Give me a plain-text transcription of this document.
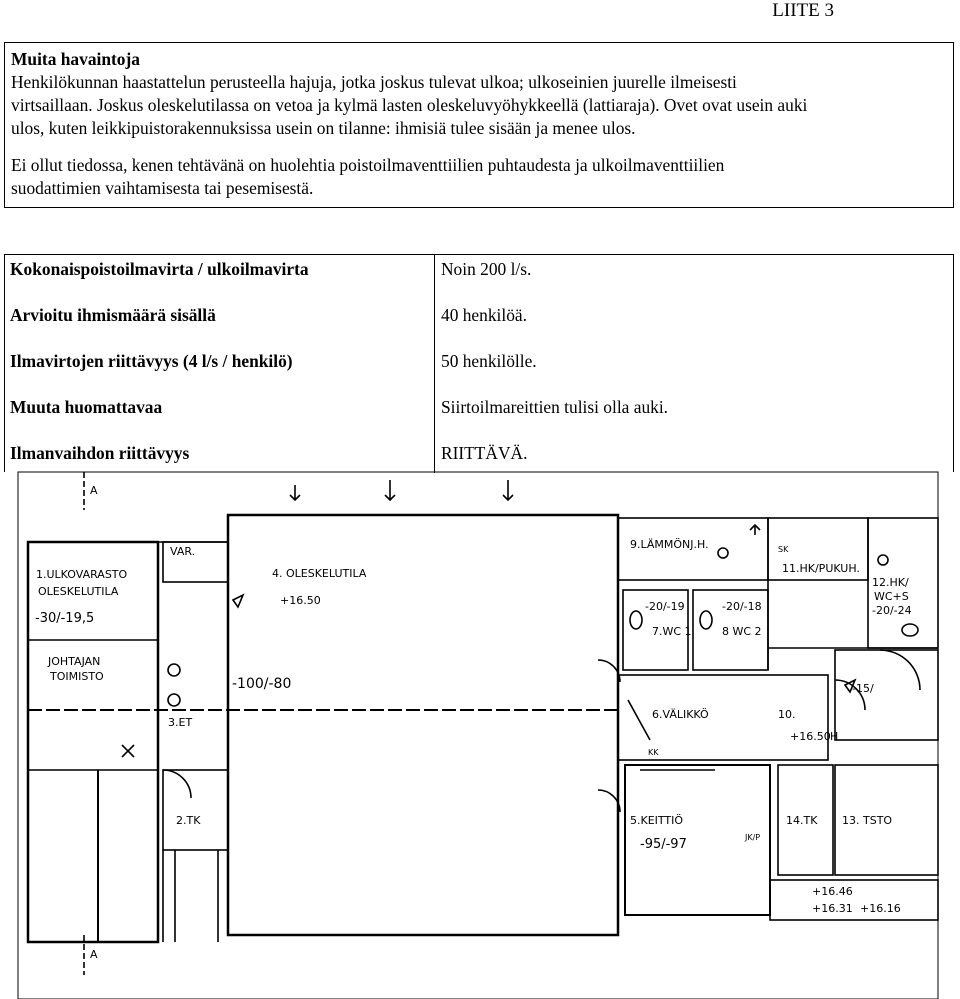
LIITE 3
Muita havaintoja
Henkilökunnan haastattelun perusteella hajuja, jotka joskus tulevat ulkoa; ulkoseinien juurelle ilmeisesti
virtsaillaan. Joskus oleskelutilassa on vetoa ja kylmä lasten oleskeluvyöhykkeellä (lattiaraja). Ovet ovat usein auki
ulos, kuten leikkipuistorakennuksissa usein on tilanne: ihmisiä tulee sisään ja menee ulos.
Ei ollut tiedossa, kenen tehtävänä on huolehtia poistoilmaventtiilien puhtaudesta ja ulkoilmaventtiilien
suodattimien vaihtamisesta tai pesemisestä.
Kokonaispoistoilmavirta / ulkoilmavirta	Noin 200 l/s.
Arvioitu ihmismäärä sisällä	40 henkilöä.
Ilmavirtojen riittävyys (4 l/s / henkilö)	50 henkilölle.
Muuta huomattavaa	Siirtoilmareittien tulisi olla auki.
Ilmanvaihdon riittävyys	RIITTÄVÄ.
A
A
1.ULKOVARASTO
OLESKELUTILA
-30/-19,5
VAR.
JOHTAJAN
TOIMISTO
3.ET
2.TK
4. OLESKELUTILA
+16.50
-100/-80
9.LÄMMÖNJ.H.
11.HK/PUKUH.
SK
12.HK/
WC+S
-20/-24
-20/-19	-20/-18
7.WC 1	8 WC 2
6.VÄLIKKÖ
KK
10.
+16.50
-15/
H
5.KEITTIÖ
-95/-97	JK/P
14.TK 13. TSTO
+16.46
+16.31 +16.16
